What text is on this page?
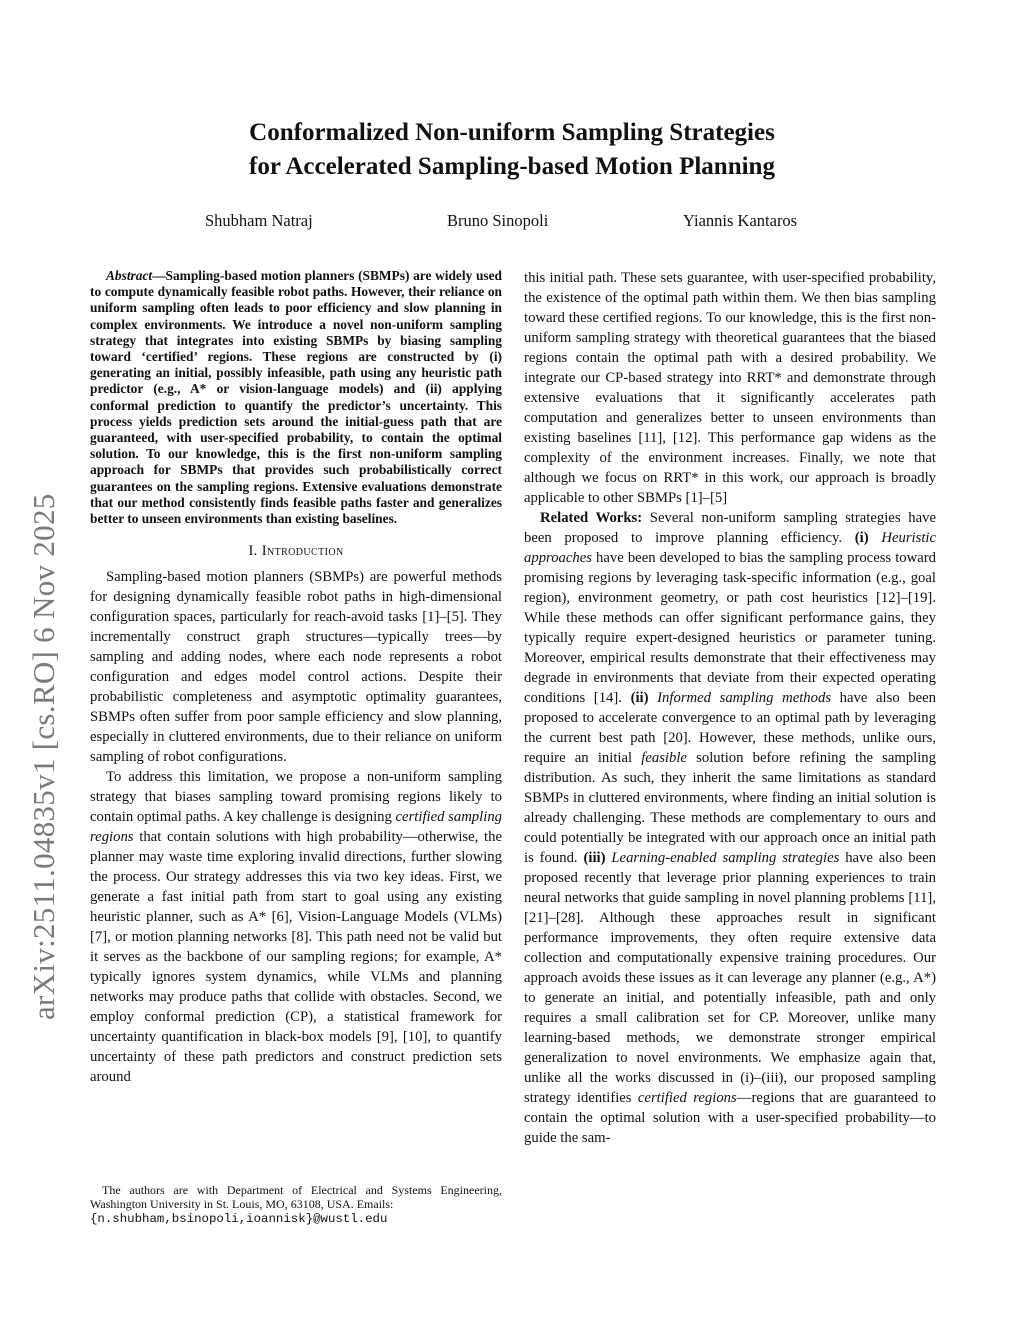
arXiv:2511.04835v1 [cs.RO] 6 Nov 2025
Conformalized Non-uniform Sampling Strategies
for Accelerated Sampling-based Motion Planning
Shubham Natraj	Bruno Sinopoli	Yiannis Kantaros
Abstract—Sampling-based motion planners (SBMPs) are widely used to compute dynamically feasible robot paths. However, their reliance on uniform sampling often leads to poor efficiency and slow planning in complex environments. We introduce a novel non-uniform sampling strategy that integrates into existing SBMPs by biasing sampling toward ‘certified’ regions. These regions are constructed by (i) generating an initial, possibly infeasible, path using any heuristic path predictor (e.g., A* or vision-language models) and (ii) applying conformal prediction to quantify the predictor’s uncertainty. This process yields prediction sets around the initial-guess path that are guaranteed, with user-specified probability, to contain the optimal solution. To our knowledge, this is the first non-uniform sampling approach for SBMPs that provides such probabilistically correct guarantees on the sampling regions. Extensive evaluations demonstrate that our method consistently finds feasible paths faster and generalizes better to unseen environments than existing baselines.
I. Introduction

Sampling-based motion planners (SBMPs) are powerful methods for designing dynamically feasible robot paths in high-dimensional configuration spaces, particularly for reach-avoid tasks [1]–[5]. They incrementally construct graph structures—typically trees—by sampling and adding nodes, where each node represents a robot configuration and edges model control actions. Despite their probabilistic completeness and asymptotic optimality guarantees, SBMPs often suffer from poor sample efficiency and slow planning, especially in cluttered environments, due to their reliance on uniform sampling of robot configurations.

To address this limitation, we propose a non-uniform sampling strategy that biases sampling toward promising regions likely to contain optimal paths. A key challenge is designing certified sampling regions that contain solutions with high probability—otherwise, the planner may waste time exploring invalid directions, further slowing the process. Our strategy addresses this via two key ideas. First, we generate a fast initial path from start to goal using any existing heuristic planner, such as A* [6], Vision-Language Models (VLMs) [7], or motion planning networks [8]. This path need not be valid but it serves as the backbone of our sampling regions; for example, A* typically ignores system dynamics, while VLMs and planning networks may produce paths that collide with obstacles. Second, we employ conformal prediction (CP), a statistical framework for uncertainty quantification in black-box models [9], [10], to quantify uncertainty of these path predictors and construct prediction sets around

this initial path. These sets guarantee, with user-specified probability, the existence of the optimal path within them. We then bias sampling toward these certified regions. To our knowledge, this is the first non-uniform sampling strategy with theoretical guarantees that the biased regions contain the optimal path with a desired probability. We integrate our CP-based strategy into RRT* and demonstrate through extensive evaluations that it significantly accelerates path computation and generalizes better to unseen environments than existing baselines [11], [12]. This performance gap widens as the complexity of the environment increases. Finally, we note that although we focus on RRT* in this work, our approach is broadly applicable to other SBMPs [1]–[5]

Related Works: Several non-uniform sampling strategies have been proposed to improve planning efficiency. (i) Heuristic approaches have been developed to bias the sampling process toward promising regions by leveraging task-specific information (e.g., goal region), environment geometry, or path cost heuristics [12]–[19]. While these methods can offer significant performance gains, they typically require expert-designed heuristics or parameter tuning. Moreover, empirical results demonstrate that their effectiveness may degrade in environments that deviate from their expected operating conditions [14]. (ii) Informed sampling methods have also been proposed to accelerate convergence to an optimal path by leveraging the current best path [20]. However, these methods, unlike ours, require an initial feasible solution before refining the sampling distribution. As such, they inherit the same limitations as standard SBMPs in cluttered environments, where finding an initial solution is already challenging. These methods are complementary to ours and could potentially be integrated with our approach once an initial path is found. (iii) Learning-enabled sampling strategies have also been proposed recently that leverage prior planning experiences to train neural networks that guide sampling in novel planning problems [11], [21]–[28]. Although these approaches result in significant performance improvements, they often require extensive data collection and computationally expensive training procedures. Our approach avoids these issues as it can leverage any planner (e.g., A*) to generate an initial, and potentially infeasible, path and only requires a small calibration set for CP. Moreover, unlike many learning-based methods, we demonstrate stronger empirical generalization to novel environments. We emphasize again that, unlike all the works discussed in (i)–(iii), our proposed sampling strategy identifies certified regions—regions that are guaranteed to contain the optimal solution with a user-specified probability—to guide the sam-

The authors are with Department of Electrical and Systems Engineering, Washington University in St. Louis, MO, 63108, USA. Emails:
{n.shubham,bsinopoli,ioannisk}@wustl.edu
